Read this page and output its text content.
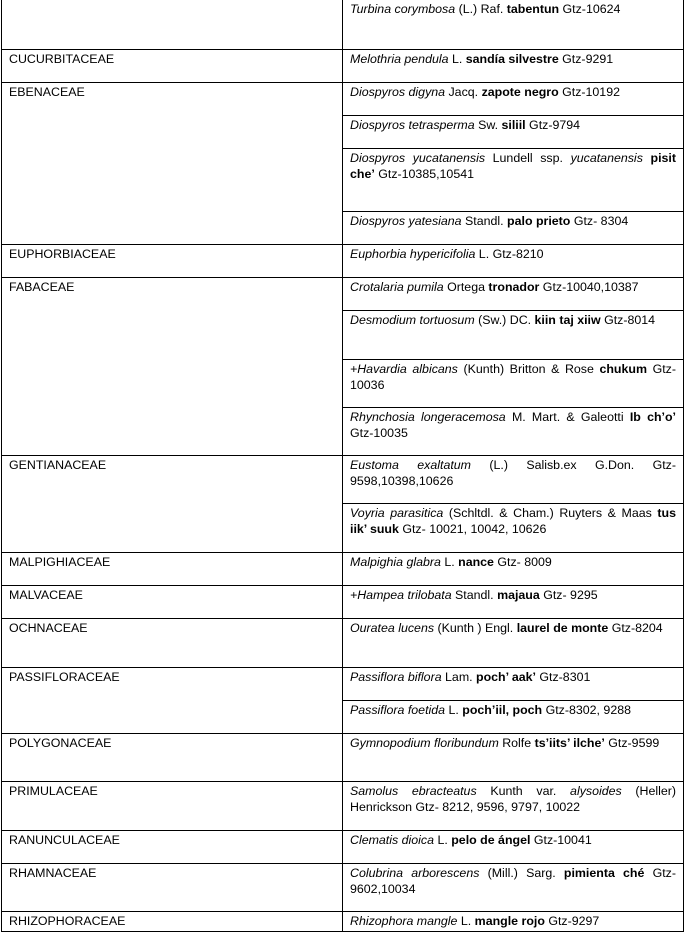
	Turbina corymbosa (L.) Raf. tabentun Gtz-10624
CUCURBITACEAE	Melothria pendula L. sandía silvestre Gtz-9291
EBENACEAE	Diospyros digyna Jacq. zapote negro Gtz-10192
	Diospyros tetrasperma Sw. siliil Gtz-9794
	Diospyros yucatanensis Lundell ssp. yucatanensis pisit che’ Gtz-10385,10541
	Diospyros yatesiana Standl. palo prieto Gtz- 8304
EUPHORBIACEAE	Euphorbia hypericifolia L. Gtz-8210
FABACEAE	Crotalaria pumila Ortega tronador Gtz-10040,10387
	Desmodium tortuosum (Sw.) DC. kiin taj xiiw Gtz-8014
	+Havardia albicans (Kunth) Britton & Rose chukum Gtz-10036
	Rhynchosia longeracemosa M. Mart. & Galeotti Ib ch’o’ Gtz-10035
GENTIANACEAE	Eustoma exaltatum (L.) Salisb.ex G.Don. Gtz-9598,10398,10626
	Voyria parasitica (Schltdl. & Cham.) Ruyters & Maas tus iik’ suuk Gtz- 10021, 10042, 10626
MALPIGHIACEAE	Malpighia glabra L. nance Gtz- 8009
MALVACEAE	+Hampea trilobata Standl. majaua Gtz- 9295
OCHNACEAE	Ouratea lucens (Kunth ) Engl. laurel de monte Gtz-8204
PASSIFLORACEAE	Passiflora biflora Lam. poch’ aak’ Gtz-8301
	Passiflora foetida L. poch’iil, poch Gtz-8302, 9288
POLYGONACEAE	Gymnopodium floribundum Rolfe ts’iits’ ilche’ Gtz-9599
PRIMULACEAE	Samolus ebracteatus Kunth var. alysoides (Heller) Henrickson Gtz- 8212, 9596, 9797, 10022
RANUNCULACEAE	Clematis dioica L. pelo de ángel Gtz-10041
RHAMNACEAE	Colubrina arborescens (Mill.) Sarg. pimienta ché Gtz-9602,10034
RHIZOPHORACEAE	Rhizophora mangle L. mangle rojo Gtz-9297
